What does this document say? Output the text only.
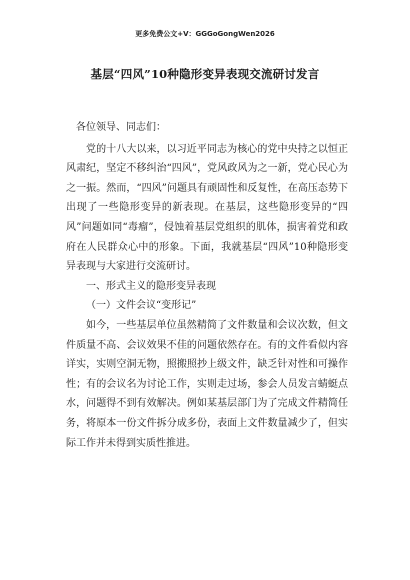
更多免费公文+V：GGGoGongWen2026
基层“四风”10种隐形变异表现交流研讨发言

各位领导、同志们：

党的十八大以来，以习近平同志为核心的党中央持之以恒正风肃纪，坚定不移纠治“四风”，党风政风为之一新，党心民心为之一振。然而，“四风”问题具有顽固性和反复性，在高压态势下出现了一些隐形变异的新表现。在基层，这些隐形变异的“四风”问题如同“毒瘤”，侵蚀着基层党组织的肌体，损害着党和政府在人民群众心中的形象。下面，我就基层“四风”10种隐形变异表现与大家进行交流研讨。

一、形式主义的隐形变异表现

（一）文件会议“变形记”

如今，一些基层单位虽然精简了文件数量和会议次数，但文件质量不高、会议效果不佳的问题依然存在。有的文件看似内容详实，实则空洞无物，照搬照抄上级文件，缺乏针对性和可操作性；有的会议名为讨论工作，实则走过场，参会人员发言蜻蜓点水，问题得不到有效解决。例如某基层部门为了完成文件精简任务，将原本一份文件拆分成多份，表面上文件数量减少了，但实际工作并未得到实质性推进。
